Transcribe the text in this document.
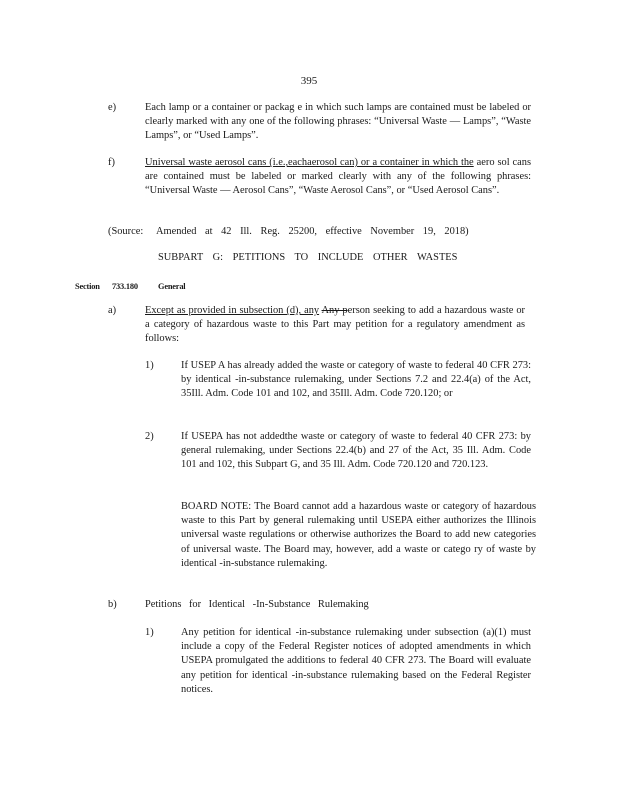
395
e)	Each lamp or a container or packag e in which such lamps are contained must be labeled or clearly marked with any one of the following phrases: “Universal Waste — Lamps”, “Waste Lamps”, or “Used Lamps”.
f)	Universal waste aerosol cans (i.e.,eachaerosol can) or a container in which the aero sol cans are contained must be labeled or marked clearly with any of the following phrases: “Universal Waste — Aerosol Cans”, “Waste Aerosol Cans”, or “Used Aerosol Cans”.
(Source: Amended at 42 Ill. Reg. 25200, effective November 19, 2018)
SUBPART G: PETITIONS TO INCLUDE OTHER WASTES
Section 733.180 General
a)	Except as provided in subsection (d), any Any person seeking to add a hazardous waste or a category of hazardous waste to this Part may petition for a regulatory amendment as follows:
1)	If USEP A has already added the waste or category of waste to federal 40 CFR 273: by identical -in-substance rulemaking, under Sections 7.2 and 22.4(a) of the Act, 35Ill. Adm. Code 101 and 102, and 35Ill. Adm. Code 720.120; or
2)	If USEPA has not addedthe waste or category of waste to federal 40 CFR 273: by general rulemaking, under Sections 22.4(b) and 27 of the Act, 35 Ill. Adm. Code 101 and 102, this Subpart G, and 35 Ill. Adm. Code 720.120 and 720.123.
BOARD NOTE: The Board cannot add a hazardous waste or category of hazardous waste to this Part by general rulemaking until USEPA either authorizes the Illinois universal waste regulations or otherwise authorizes the Board to add new categories of universal waste. The Board may, however, add a waste or catego ry of waste by identical -in-substance rulemaking.
b)	Petitions for Identical -In-Substance Rulemaking
1)	Any petition for identical -in-substance rulemaking under subsection (a)(1) must include a copy of the Federal Register notices of adopted amendments in which USEPA promulgated the additions to federal 40 CFR 273. The Board will evaluate any petition for identical -in-substance rulemaking based on the Federal Register notices.
